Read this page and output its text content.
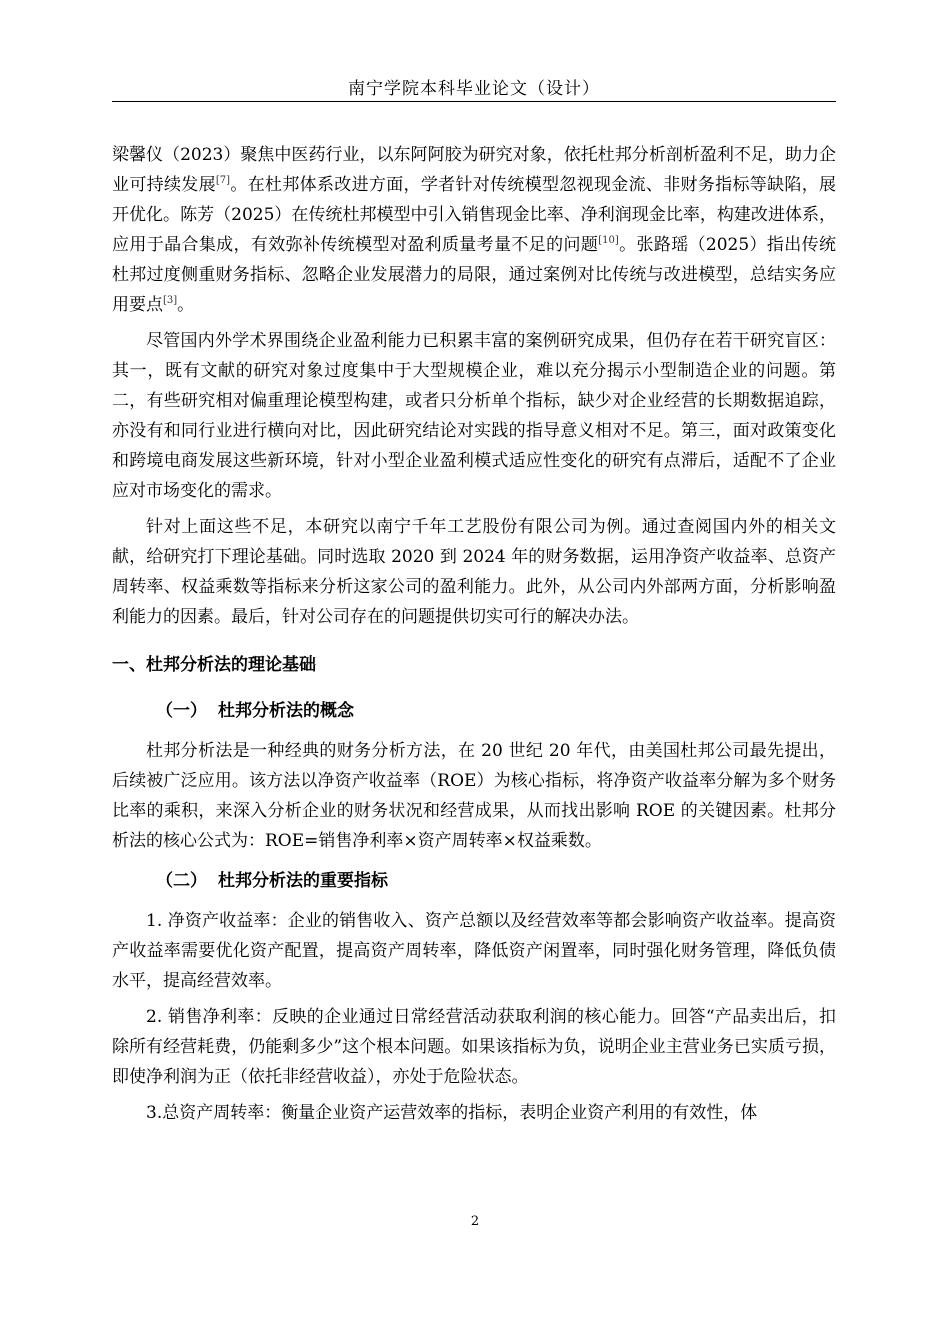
南宁学院本科毕业论文（设计）

梁馨仪（2023）聚焦中医药行业，以东阿阿胶为研究对象，依托杜邦分析剖析盈利不足，助力企业可持续发展[7]。在杜邦体系改进方面，学者针对传统模型忽视现金流、非财务指标等缺陷，展开优化。陈芳（2025）在传统杜邦模型中引入销售现金比率、净利润现金比率，构建改进体系，应用于晶合集成，有效弥补传统模型对盈利质量考量不足的问题[10]。张路瑶（2025）指出传统杜邦过度侧重财务指标、忽略企业发展潜力的局限，通过案例对比传统与改进模型，总结实务应用要点[3]。

尽管国内外学术界围绕企业盈利能力已积累丰富的案例研究成果，但仍存在若干研究盲区：其一，既有文献的研究对象过度集中于大型规模企业，难以充分揭示小型制造企业的问题。第二，有些研究相对偏重理论模型构建，或者只分析单个指标，缺少对企业经营的长期数据追踪，亦没有和同行业进行横向对比，因此研究结论对实践的指导意义相对不足。第三，面对政策变化和跨境电商发展这些新环境，针对小型企业盈利模式适应性变化的研究有点滞后，适配不了企业应对市场变化的需求。

针对上面这些不足，本研究以南宁千年工艺股份有限公司为例。通过查阅国内外的相关文献，给研究打下理论基础。同时选取 2020 到 2024 年的财务数据，运用净资产收益率、总资产周转率、权益乘数等指标来分析这家公司的盈利能力。此外，从公司内外部两方面，分析影响盈利能力的因素。最后，针对公司存在的问题提供切实可行的解决办法。

一、杜邦分析法的理论基础
（一） 杜邦分析法的概念

杜邦分析法是一种经典的财务分析方法，在 20 世纪 20 年代，由美国杜邦公司最先提出，后续被广泛应用。该方法以净资产收益率（ROE）为核心指标，将净资产收益率分解为多个财务比率的乘积，来深入分析企业的财务状况和经营成果，从而找出影响 ROE 的关键因素。杜邦分析法的核心公式为：ROE=销售净利率×资产周转率×权益乘数。

（二） 杜邦分析法的重要指标

1. 净资产收益率：企业的销售收入、资产总额以及经营效率等都会影响资产收益率。提高资产收益率需要优化资产配置，提高资产周转率，降低资产闲置率，同时强化财务管理，降低负债水平，提高经营效率。

2. 销售净利率：反映的企业通过日常经营活动获取利润的核心能力。回答“产品卖出后，扣除所有经营耗费，仍能剩多少”这个根本问题。如果该指标为负，说明企业主营业务已实质亏损，即使净利润为正（依托非经营收益），亦处于危险状态。

3.总资产周转率：衡量企业资产运营效率的指标，表明企业资产利用的有效性，体

2
